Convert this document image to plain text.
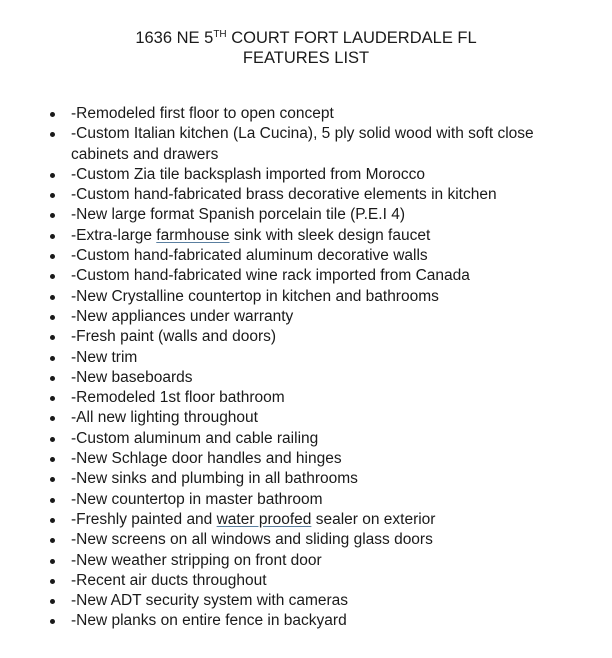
1636 NE 5TH COURT FORT LAUDERDALE FL
FEATURES LIST
-Remodeled first floor to open concept
-Custom Italian kitchen (La Cucina), 5 ply solid wood with soft close cabinets and drawers
-Custom Zia tile backsplash imported from Morocco
-Custom hand-fabricated brass decorative elements in kitchen
-New large format Spanish porcelain tile (P.E.I 4)
-Extra-large farmhouse sink with sleek design faucet
-Custom hand-fabricated aluminum decorative walls
-Custom hand-fabricated wine rack imported from Canada
-New Crystalline countertop in kitchen and bathrooms
-New appliances under warranty
-Fresh paint (walls and doors)
-New trim
-New baseboards
-Remodeled 1st floor bathroom
-All new lighting throughout
-Custom aluminum and cable railing
-New Schlage door handles and hinges
-New sinks and plumbing in all bathrooms
-New countertop in master bathroom
-Freshly painted and water proofed sealer on exterior
-New screens on all windows and sliding glass doors
-New weather stripping on front door
-Recent air ducts throughout
-New ADT security system with cameras
-New planks on entire fence in backyard
